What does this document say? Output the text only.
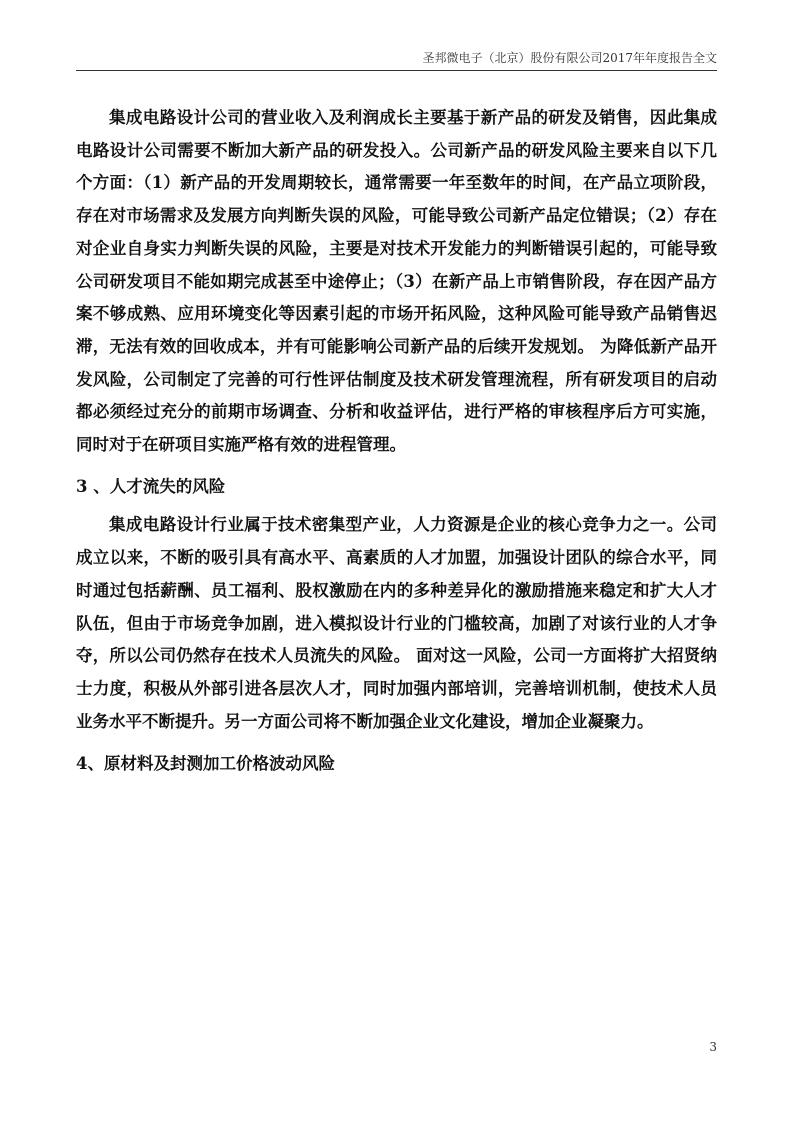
圣邦微电子（北京）股份有限公司2017年年度报告全文

集成电路设计公司的营业收入及利润成长主要基于新产品的研发及销售，因此集成电路设计公司需要不断加大新产品的研发投入。公司新产品的研发风险主要来自以下几个方面：（1）新产品的开发周期较长，通常需要一年至数年的时间，在产品立项阶段，存在对市场需求及发展方向判断失误的风险，可能导致公司新产品定位错误；（2）存在对企业自身实力判断失误的风险，主要是对技术开发能力的判断错误引起的，可能导致公司研发项目不能如期完成甚至中途停止；（3）在新产品上市销售阶段，存在因产品方案不够成熟、应用环境变化等因素引起的市场开拓风险，这种风险可能导致产品销售迟滞，无法有效的回收成本，并有可能影响公司新产品的后续开发规划。 为降低新产品开发风险，公司制定了完善的可行性评估制度及技术研发管理流程，所有研发项目的启动都必须经过充分的前期市场调查、分析和收益评估，进行严格的审核程序后方可实施，同时对于在研项目实施严格有效的进程管理。

3 、人才流失的风险

集成电路设计行业属于技术密集型产业，人力资源是企业的核心竞争力之一。公司成立以来，不断的吸引具有高水平、高素质的人才加盟，加强设计团队的综合水平，同时通过包括薪酬、员工福利、股权激励在内的多种差异化的激励措施来稳定和扩大人才队伍，但由于市场竞争加剧，进入模拟设计行业的门槛较高，加剧了对该行业的人才争夺，所以公司仍然存在技术人员流失的风险。 面对这一风险，公司一方面将扩大招贤纳士力度，积极从外部引进各层次人才，同时加强内部培训，完善培训机制，使技术人员业务水平不断提升。另一方面公司将不断加强企业文化建设，增加企业凝聚力。

4、原材料及封测加工价格波动风险

3
